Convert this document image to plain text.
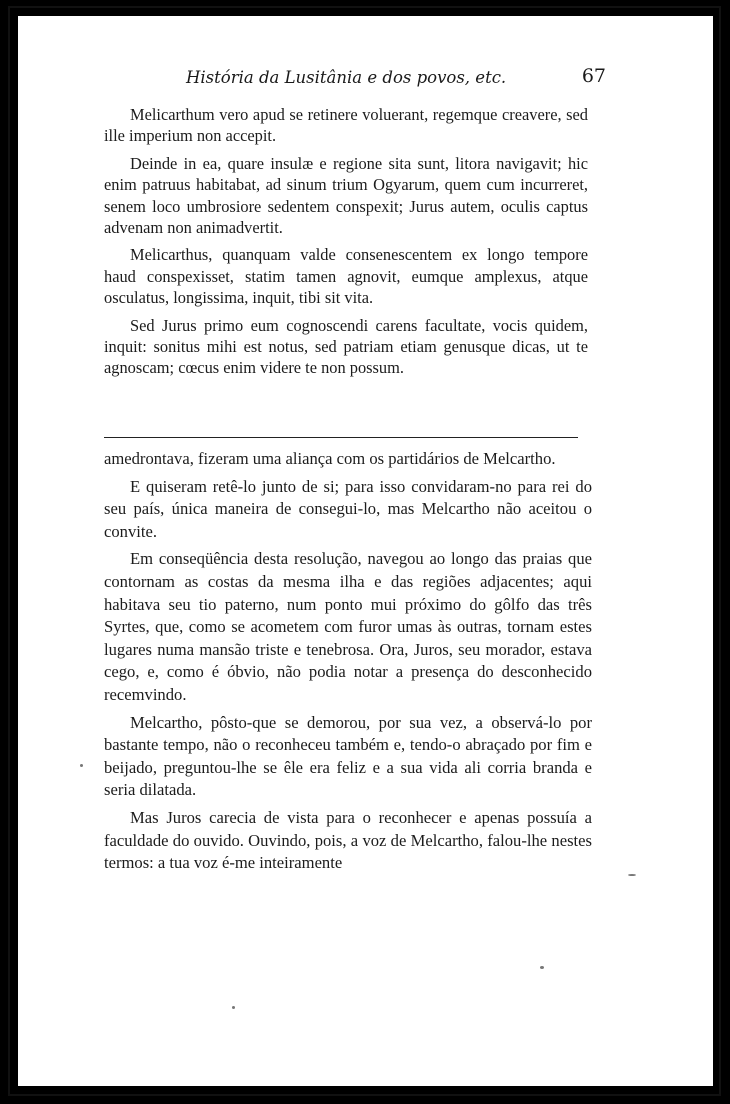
História da Lusitânia e dos povos, etc.	67

Melicarthum vero apud se retinere voluerant, regemque creavere, sed ille imperium non accepit.

Deinde in ea, quare insulæ e regione sita sunt, litora navigavit; hic enim patruus habitabat, ad sinum trium Ogyarum, quem cum incurreret, senem loco umbrosiore sedentem conspexit; Jurus autem, oculis captus advenam non animadvertit.

Melicarthus, quanquam valde consenescentem ex longo tempore haud conspexisset, statim tamen agnovit, eumque amplexus, atque osculatus, longissima, inquit, tibi sit vita.

Sed Jurus primo eum cognoscendi carens facultate, vocis quidem, inquit: sonitus mihi est notus, sed patriam etiam genusque dicas, ut te agnoscam; cœcus enim videre te non possum.

amedrontava, fizeram uma aliança com os partidários de Melcartho.

E quiseram retê-lo junto de si; para isso convidaram-no para rei do seu país, única maneira de consegui-lo, mas Melcartho não aceitou o convite.

Em conseqüência desta resolução, navegou ao longo das praias que contornam as costas da mesma ilha e das regiões adjacentes; aqui habitava seu tio paterno, num ponto mui próximo do gôlfo das três Syrtes, que, como se acometem com furor umas às outras, tornam estes lugares numa mansão triste e tenebrosa. Ora, Juros, seu morador, estava cego, e, como é óbvio, não podia notar a presença do desconhecido recemvindo.

Melcartho, pôsto-que se demorou, por sua vez, a observá-lo por bastante tempo, não o reconheceu também e, tendo-o abraçado por fim e beijado, preguntou-lhe se êle era feliz e a sua vida ali corria branda e seria dilatada.

Mas Juros carecia de vista para o reconhecer e apenas possuía a faculdade do ouvido. Ouvindo, pois, a voz de Melcartho, falou-lhe nestes termos: a tua voz é-me inteiramente
